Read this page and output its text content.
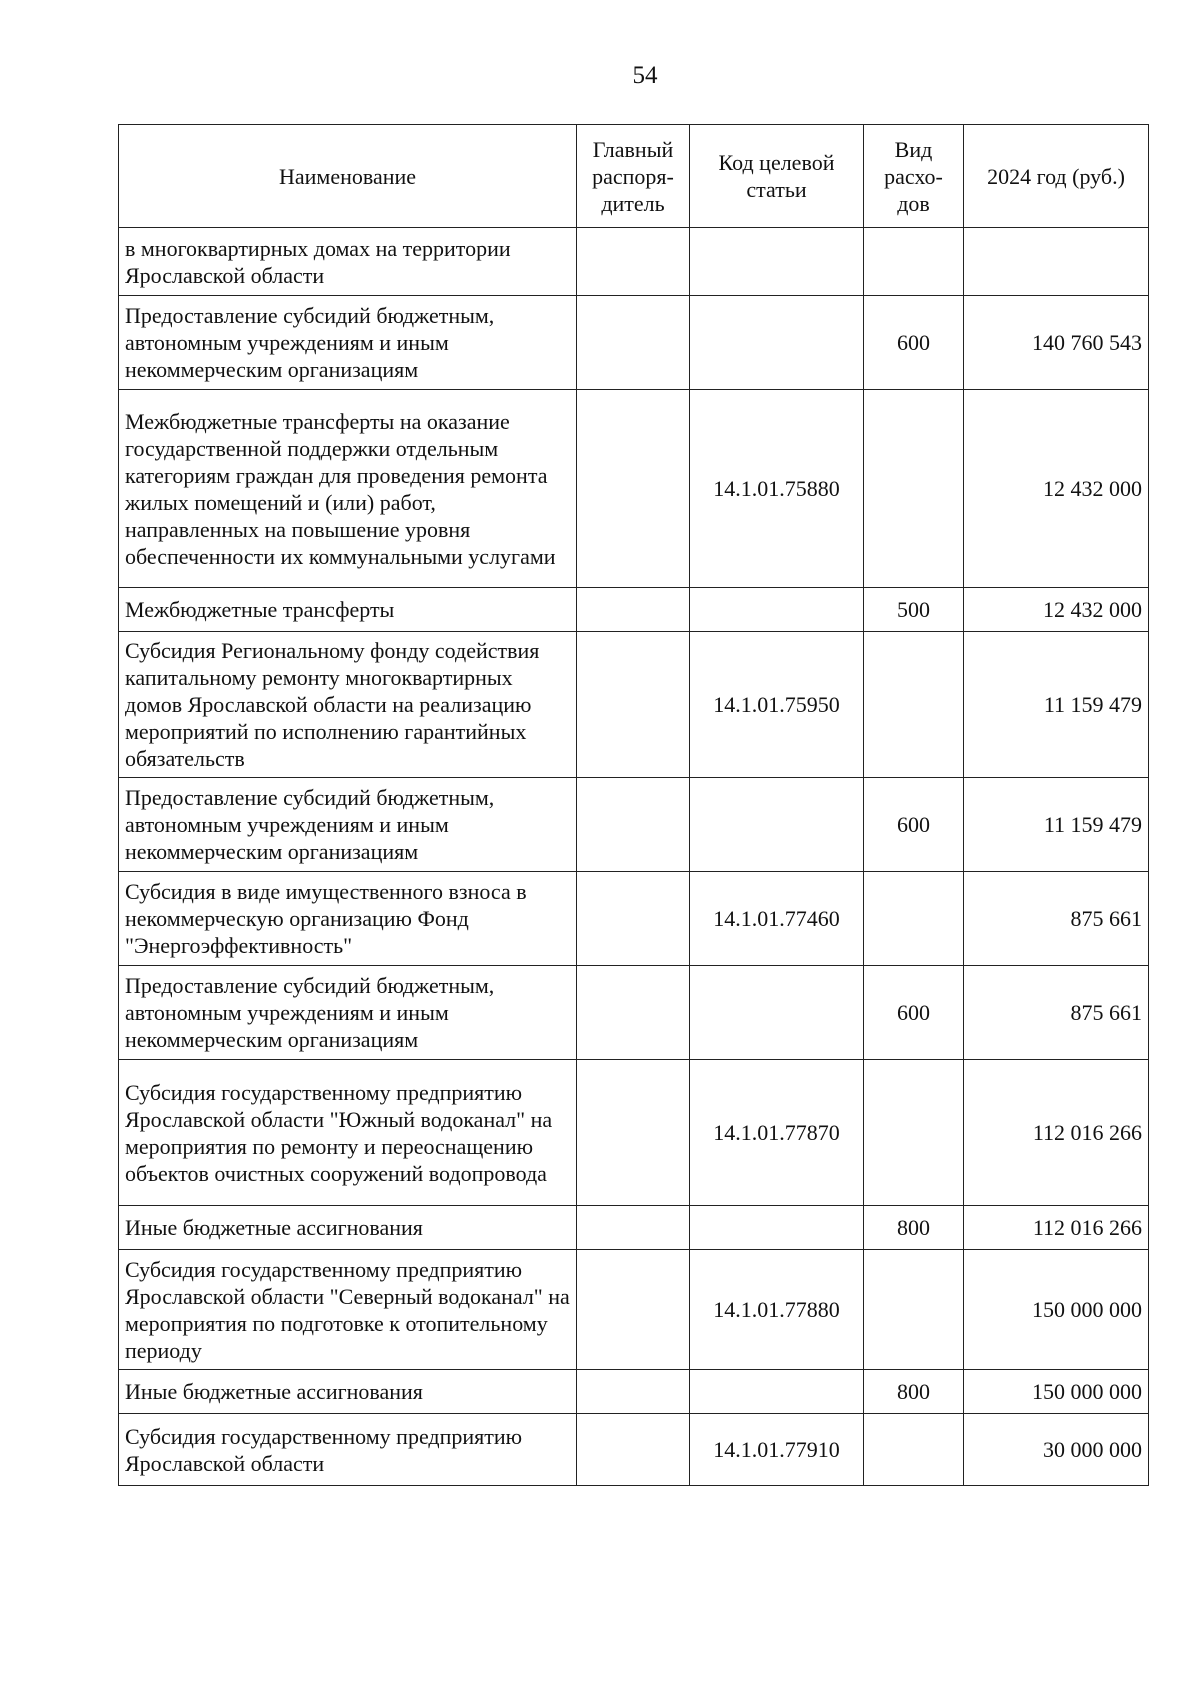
54
Наименование	Главный распоря-дитель	Код целевой статьи	Вид расхо-дов	2024 год (руб.)
в многоквартирных домах на территории Ярославской области				
Предоставление субсидий бюджетным, автономным учреждениям и иным некоммерческим организациям			600	140 760 543
Межбюджетные трансферты на оказание государственной поддержки отдельным категориям граждан для проведения ремонта жилых помещений и (или) работ, направленных на повышение уровня обеспеченности их коммунальными услугами		14.1.01.75880		12 432 000
Межбюджетные трансферты			500	12 432 000
Субсидия Региональному фонду содействия капитальному ремонту многоквартирных домов Ярославской области на реализацию мероприятий по исполнению гарантийных обязательств		14.1.01.75950		11 159 479
Предоставление субсидий бюджетным, автономным учреждениям и иным некоммерческим организациям			600	11 159 479
Субсидия в виде имущественного взноса в некоммерческую организацию Фонд "Энергоэффективность"		14.1.01.77460		875 661
Предоставление субсидий бюджетным, автономным учреждениям и иным некоммерческим организациям			600	875 661
Субсидия государственному предприятию Ярославской области "Южный водоканал" на мероприятия по ремонту и переоснащению объектов очистных сооружений водопровода		14.1.01.77870		112 016 266
Иные бюджетные ассигнования			800	112 016 266
Субсидия государственному предприятию Ярославской области "Северный водоканал" на мероприятия по подготовке к отопительному периоду		14.1.01.77880		150 000 000
Иные бюджетные ассигнования			800	150 000 000
Субсидия государственному предприятию Ярославской области		14.1.01.77910		30 000 000
